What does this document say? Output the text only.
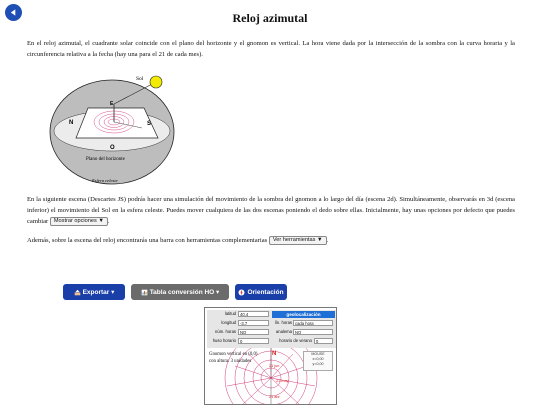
Reloj azimutal

En el reloj azimutal, el cuadrante solar coincide con el plano del horizonte y el gnomon es vertical. La hora viene dada por la intersección de la sombra con la curva horaria y la circunferencia relativa a la fecha (hay una para el 21 de cada mes).

Sol
N	S
E
O
Plano del horizonte
Esfera celeste

En la siguiente escena (Descartes JS) podrás hacer una simulación del movimiento de la sombra del gnomon a lo largo del día (escena 2d). Simultáneamente, observarás en 3d (escena inferior) el movimiento del Sol en la esfera celeste. Puedes mover cualquiera de las dos escenas poniendo el dedo sobre ellas. Inicialmente, hay unas opciones por defecto que puedes cambiar Mostrar opciones ▼ .

Además, sobre la escena del reloj encontrarás una barra con herramientas complementarias Ver herramientas ▼ .

Exportar ▾	Tabla conversión HO ▾	Orientación
N
21 jun
21 may
21 abr
latitud 40.4	geolocalización
longitud -3.7	lín. horas cada hora
núm. horas NO	analema NO
huso horario 0	horario de verano 0
Gnomon vertical en (0,0)
con altura: 3 unidades
MOUSE
x=0,00
y=0,00
